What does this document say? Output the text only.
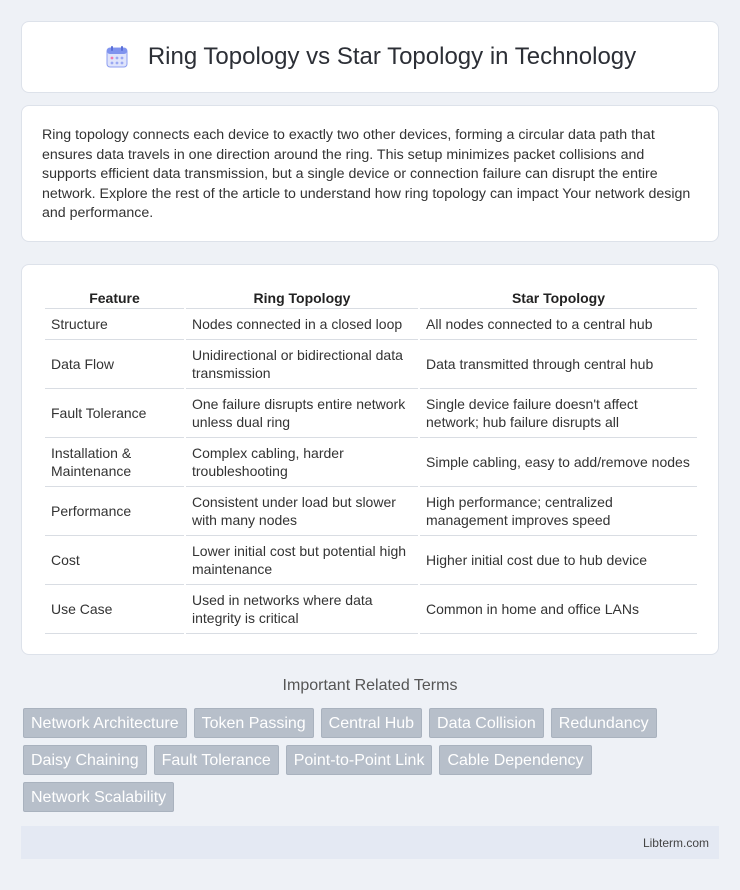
Ring Topology vs Star Topology in Technology

Ring topology connects each device to exactly two other devices, forming a circular data path that ensures data travels in one direction around the ring. This setup minimizes packet collisions and supports efficient data transmission, but a single device or connection failure can disrupt the entire network. Explore the rest of the article to understand how ring topology can impact Your network design and performance.

Feature	Ring Topology	Star Topology
Structure	Nodes connected in a closed loop	All nodes connected to a central hub
Data Flow	Unidirectional or bidirectional data transmission	Data transmitted through central hub
Fault Tolerance	One failure disrupts entire network unless dual ring	Single device failure doesn't affect network; hub failure disrupts all
Installation & Maintenance	Complex cabling, harder troubleshooting	Simple cabling, easy to add/remove nodes
Performance	Consistent under load but slower with many nodes	High performance; centralized management improves speed
Cost	Lower initial cost but potential high maintenance	Higher initial cost due to hub device
Use Case	Used in networks where data integrity is critical	Common in home and office LANs
Important Related Terms
Network Architecture	Token Passing	Central Hub	Data Collision	Redundancy
Daisy Chaining	Fault Tolerance	Point-to-Point Link	Cable Dependency
Network Scalability
Libterm.com
